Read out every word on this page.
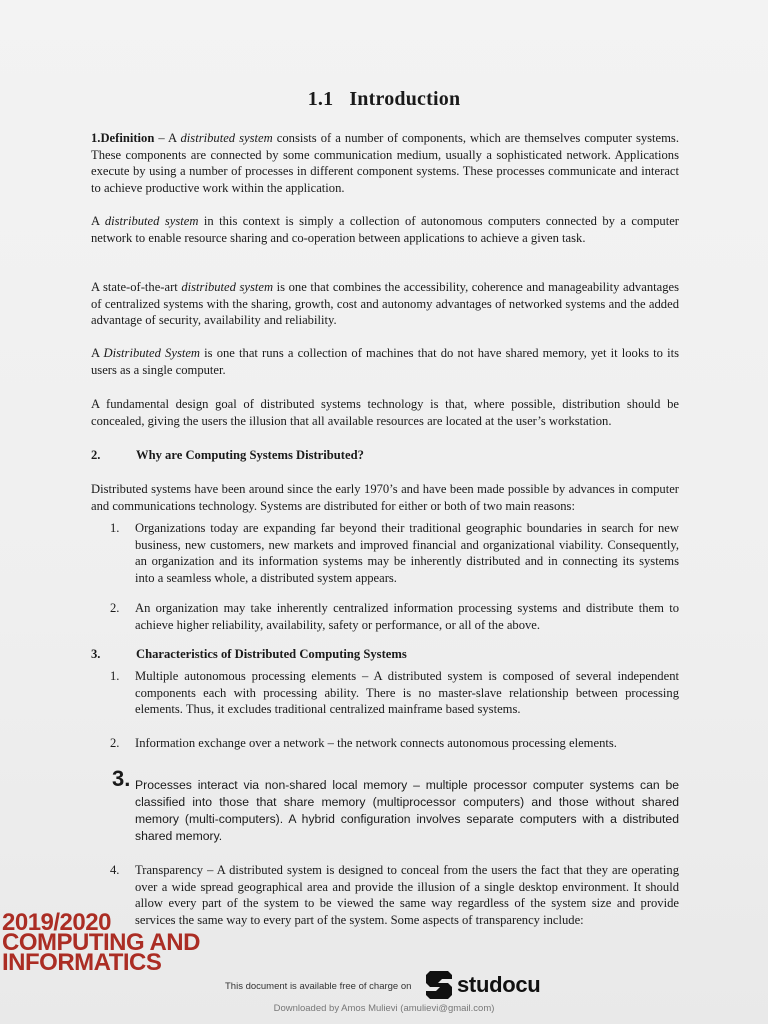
1.1 Introduction
1.Definition – A distributed system consists of a number of components, which are themselves computer systems. These components are connected by some communication medium, usually a sophisticated network. Applications execute by using a number of processes in different component systems. These processes communicate and interact to achieve productive work within the application.
A distributed system in this context is simply a collection of autonomous computers connected by a computer network to enable resource sharing and co-operation between applications to achieve a given task.
A state-of-the-art distributed system is one that combines the accessibility, coherence and manageability advantages of centralized systems with the sharing, growth, cost and autonomy advantages of networked systems and the added advantage of security, availability and reliability.
A Distributed System is one that runs a collection of machines that do not have shared memory, yet it looks to its users as a single computer.
A fundamental design goal of distributed systems technology is that, where possible, distribution should be concealed, giving the users the illusion that all available resources are located at the user’s workstation.
2.	Why are Computing Systems Distributed?
Distributed systems have been around since the early 1970’s and have been made possible by advances in computer and communications technology. Systems are distributed for either or both of two main reasons:
1. Organizations today are expanding far beyond their traditional geographic boundaries in search for new business, new customers, new markets and improved financial and organizational viability. Consequently, an organization and its information systems may be inherently distributed and in connecting its systems into a seamless whole, a distributed system appears.
2. An organization may take inherently centralized information processing systems and distribute them to achieve higher reliability, availability, safety or performance, or all of the above.
3.	Characteristics of Distributed Computing Systems
1. Multiple autonomous processing elements – A distributed system is composed of several independent components each with processing ability. There is no master-slave relationship between processing elements. Thus, it excludes traditional centralized mainframe based systems.
2. Information exchange over a network – the network connects autonomous processing elements.
3. Processes interact via non-shared local memory – multiple processor computer systems can be classified into those that share memory (multiprocessor computers) and those without shared memory (multi-computers). A hybrid configuration involves separate computers with a distributed shared memory.
4. Transparency – A distributed system is designed to conceal from the users the fact that they are operating over a wide spread geographical area and provide the illusion of a single desktop environment. It should allow every part of the system to be viewed the same way regardless of the system size and provide services the same way to every part of the system. Some aspects of transparency include:
2019/2020
COMPUTING AND
INFORMATICS
This document is available free of charge on studocu
Downloaded by Amos Mulievi (amulievi@gmail.com)
